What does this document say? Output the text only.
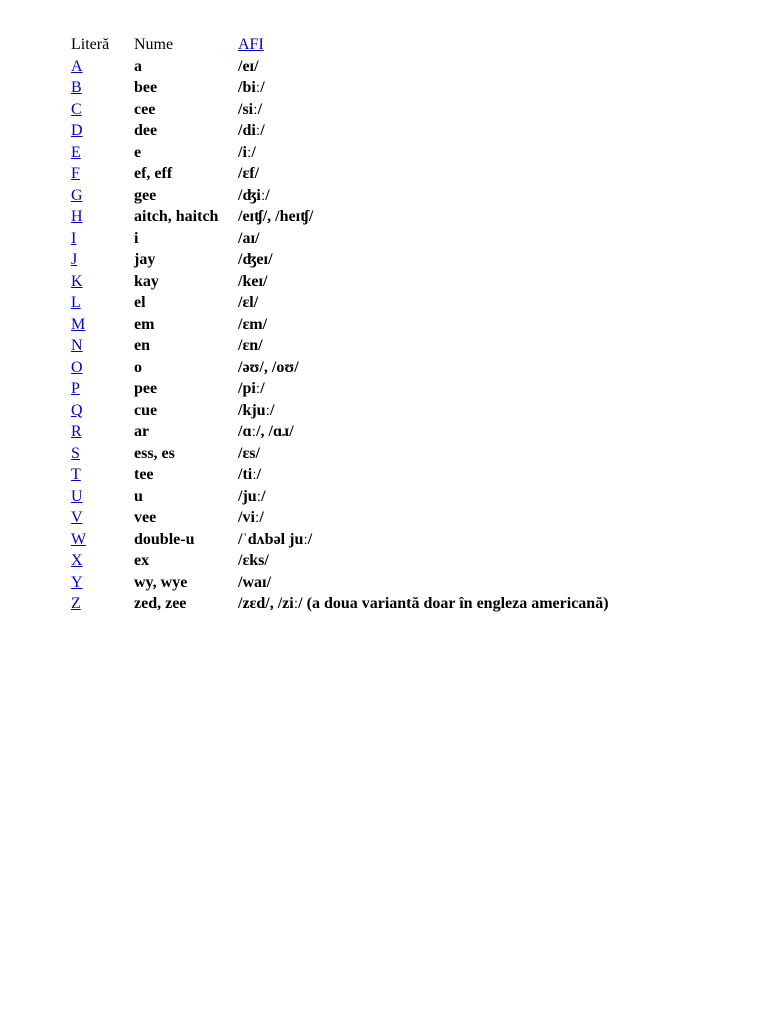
Literă	Nume	AFI
A	a	/eɪ/
B	bee	/biː/
C	cee	/siː/
D	dee	/diː/
E	e	/iː/
F	ef, eff	/ɛf/
G	gee	/ʤiː/
H	aitch, haitch	/eɪʧ/, /heɪʧ/
I	i	/aɪ/
J	jay	/ʤeɪ/
K	kay	/keɪ/
L	el	/ɛl/
M	em	/ɛm/
N	en	/ɛn/
O	o	/əʊ/, /oʊ/
P	pee	/piː/
Q	cue	/kjuː/
R	ar	/ɑː/, /ɑɹ/
S	ess, es	/ɛs/
T	tee	/tiː/
U	u	/juː/
V	vee	/viː/
W	double-u	/ˈdʌbəl juː/
X	ex	/ɛks/
Y	wy, wye	/waɪ/
Z	zed, zee	/zɛd/, /ziː/ (a doua variantă doar în engleza americană)
